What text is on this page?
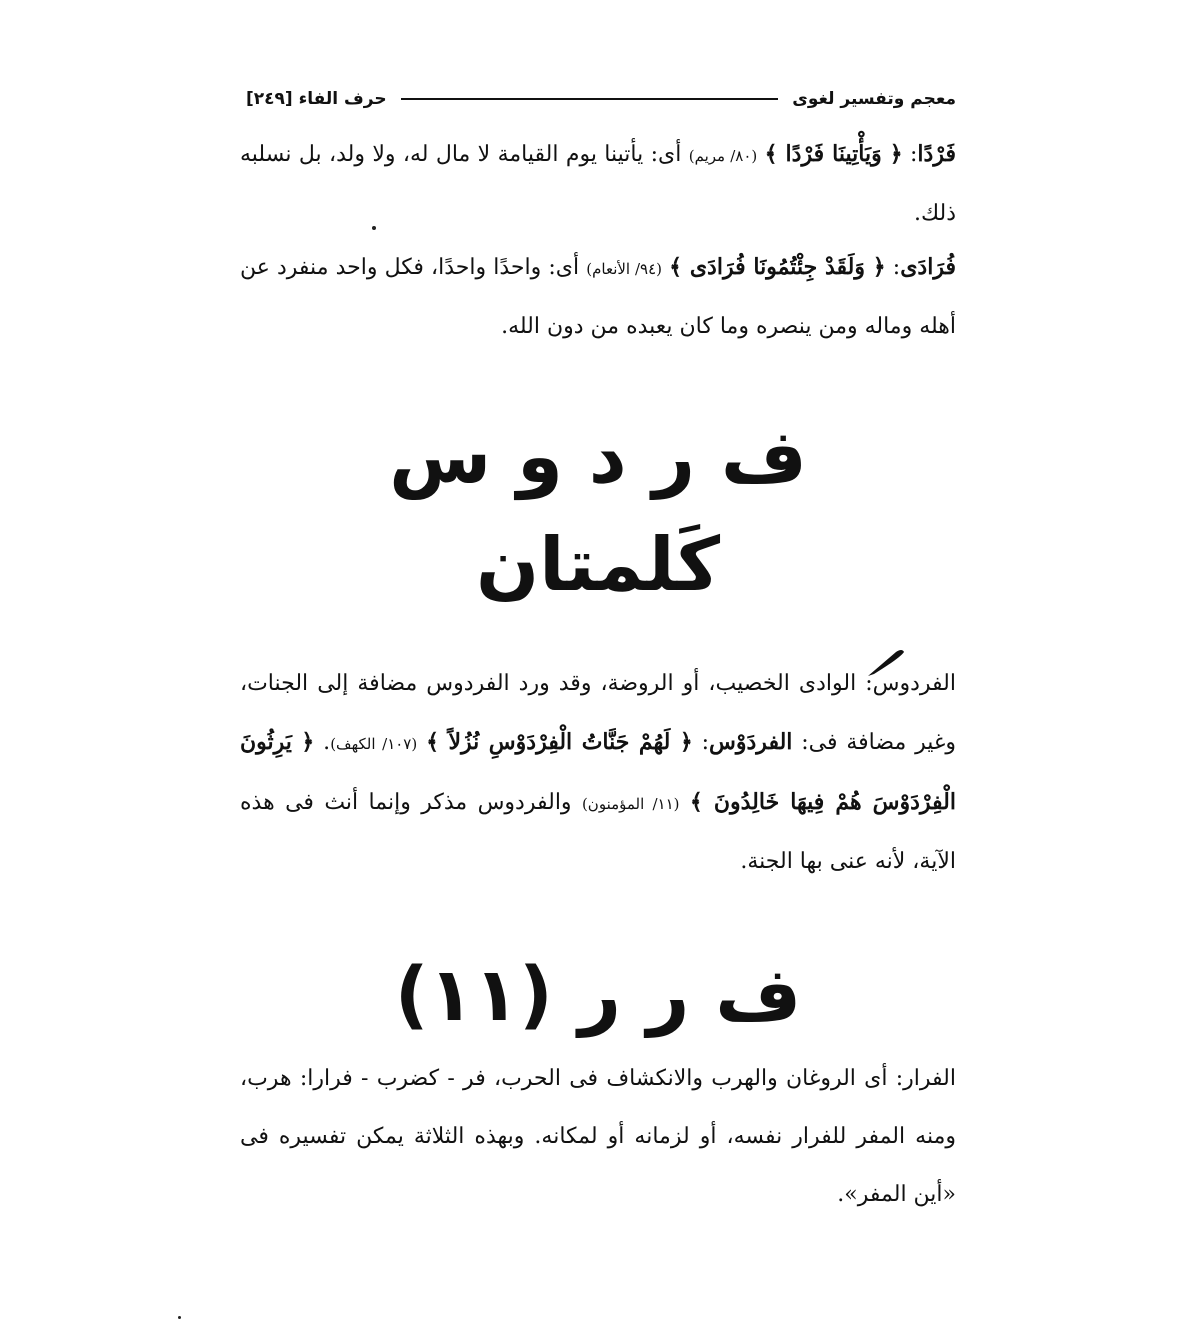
معجم وتفسير لغوى
حرف الفاء [٢٤٩]

فَرْدًا: ﴿ وَيَأْتِينَا فَرْدًا ﴾ (٨٠/ مريم) أى: يأتينا يوم القيامة لا مال له، ولا ولد، بل نسلبه ذلك.

فُرَادَى: ﴿ وَلَقَدْ جِئْتُمُونَا فُرَادَى ﴾ (٩٤/ الأنعام) أى: واحدًا واحدًا، فكل واحد منفرد عن أهله وماله ومن ينصره وما كان يعبده من دون الله.

ف ر د و س
كَلمتان

الفردوس: الوادى الخصيب، أو الروضة، وقد ورد الفردوس مضافة إلى الجنات، وغير مضافة فى: الفردَوْس: ﴿ لَهُمْ جَنَّاتُ الْفِرْدَوْسِ نُزُلاً ﴾ (١٠٧/ الكهف). ﴿ يَرِثُونَ الْفِرْدَوْسَ هُمْ فِيهَا خَالِدُونَ ﴾ (١١/ المؤمنون) والفردوس مذكر وإنما أنث فى هذه الآية، لأنه عنى بها الجنة.

ف ر ر (١١)

الفرار: أى الروغان والهرب والانكشاف فى الحرب، فر - كضرب - فرارا: هرب، ومنه المفر للفرار نفسه، أو لزمانه أو لمكانه. وبهذه الثلاثة يمكن تفسيره فى «أين المفر».
